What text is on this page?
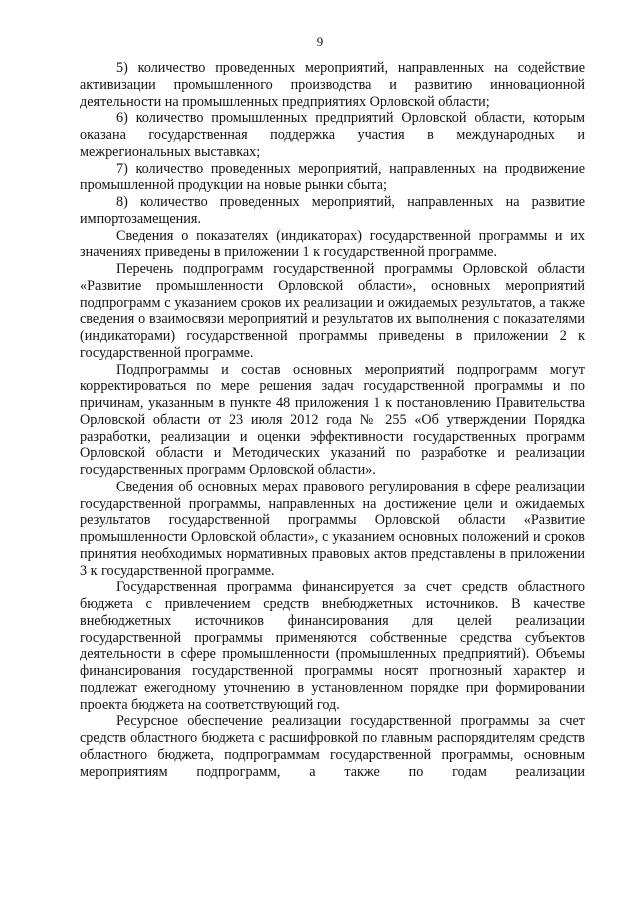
9

5) количество проведенных мероприятий, направленных на содействие активизации промышленного производства и развитию инновационной деятельности на промышленных предприятиях Орловской области;

6) количество промышленных предприятий Орловской области, которым оказана государственная поддержка участия в международных и межрегиональных выставках;

7) количество проведенных мероприятий, направленных на продвижение промышленной продукции на новые рынки сбыта;

8) количество проведенных мероприятий, направленных на развитие импортозамещения.

Сведения о показателях (индикаторах) государственной программы и их значениях приведены в приложении 1 к государственной программе.

Перечень подпрограмм государственной программы Орловской области «Развитие промышленности Орловской области», основных мероприятий подпрограмм с указанием сроков их реализации и ожидаемых результатов, а также сведения о взаимосвязи мероприятий и результатов их выполнения с показателями (индикаторами) государственной программы приведены в приложении 2 к государственной программе.

Подпрограммы и состав основных мероприятий подпрограмм могут корректироваться по мере решения задач государственной программы и по причинам, указанным в пункте 48 приложения 1 к постановлению Правительства Орловской области от 23 июля 2012 года № 255 «Об утверждении Порядка разработки, реализации и оценки эффективности государственных программ Орловской области и Методических указаний по разработке и реализации государственных программ Орловской области».

Сведения об основных мерах правового регулирования в сфере реализации государственной программы, направленных на достижение цели и ожидаемых результатов государственной программы Орловской области «Развитие промышленности Орловской области», с указанием основных положений и сроков принятия необходимых нормативных правовых актов представлены в приложении 3 к государственной программе.

Государственная программа финансируется за счет средств областного бюджета с привлечением средств внебюджетных источников. В качестве внебюджетных источников финансирования для целей реализации государственной программы применяются собственные средства субъектов деятельности в сфере промышленности (промышленных предприятий). Объемы финансирования государственной программы носят прогнозный характер и подлежат ежегодному уточнению в установленном порядке при формировании проекта бюджета на соответствующий год.

Ресурсное обеспечение реализации государственной программы за счет средств областного бюджета с расшифровкой по главным распорядителям средств областного бюджета, подпрограммам государственной программы, основным мероприятиям подпрограмм, а также по годам реализации
